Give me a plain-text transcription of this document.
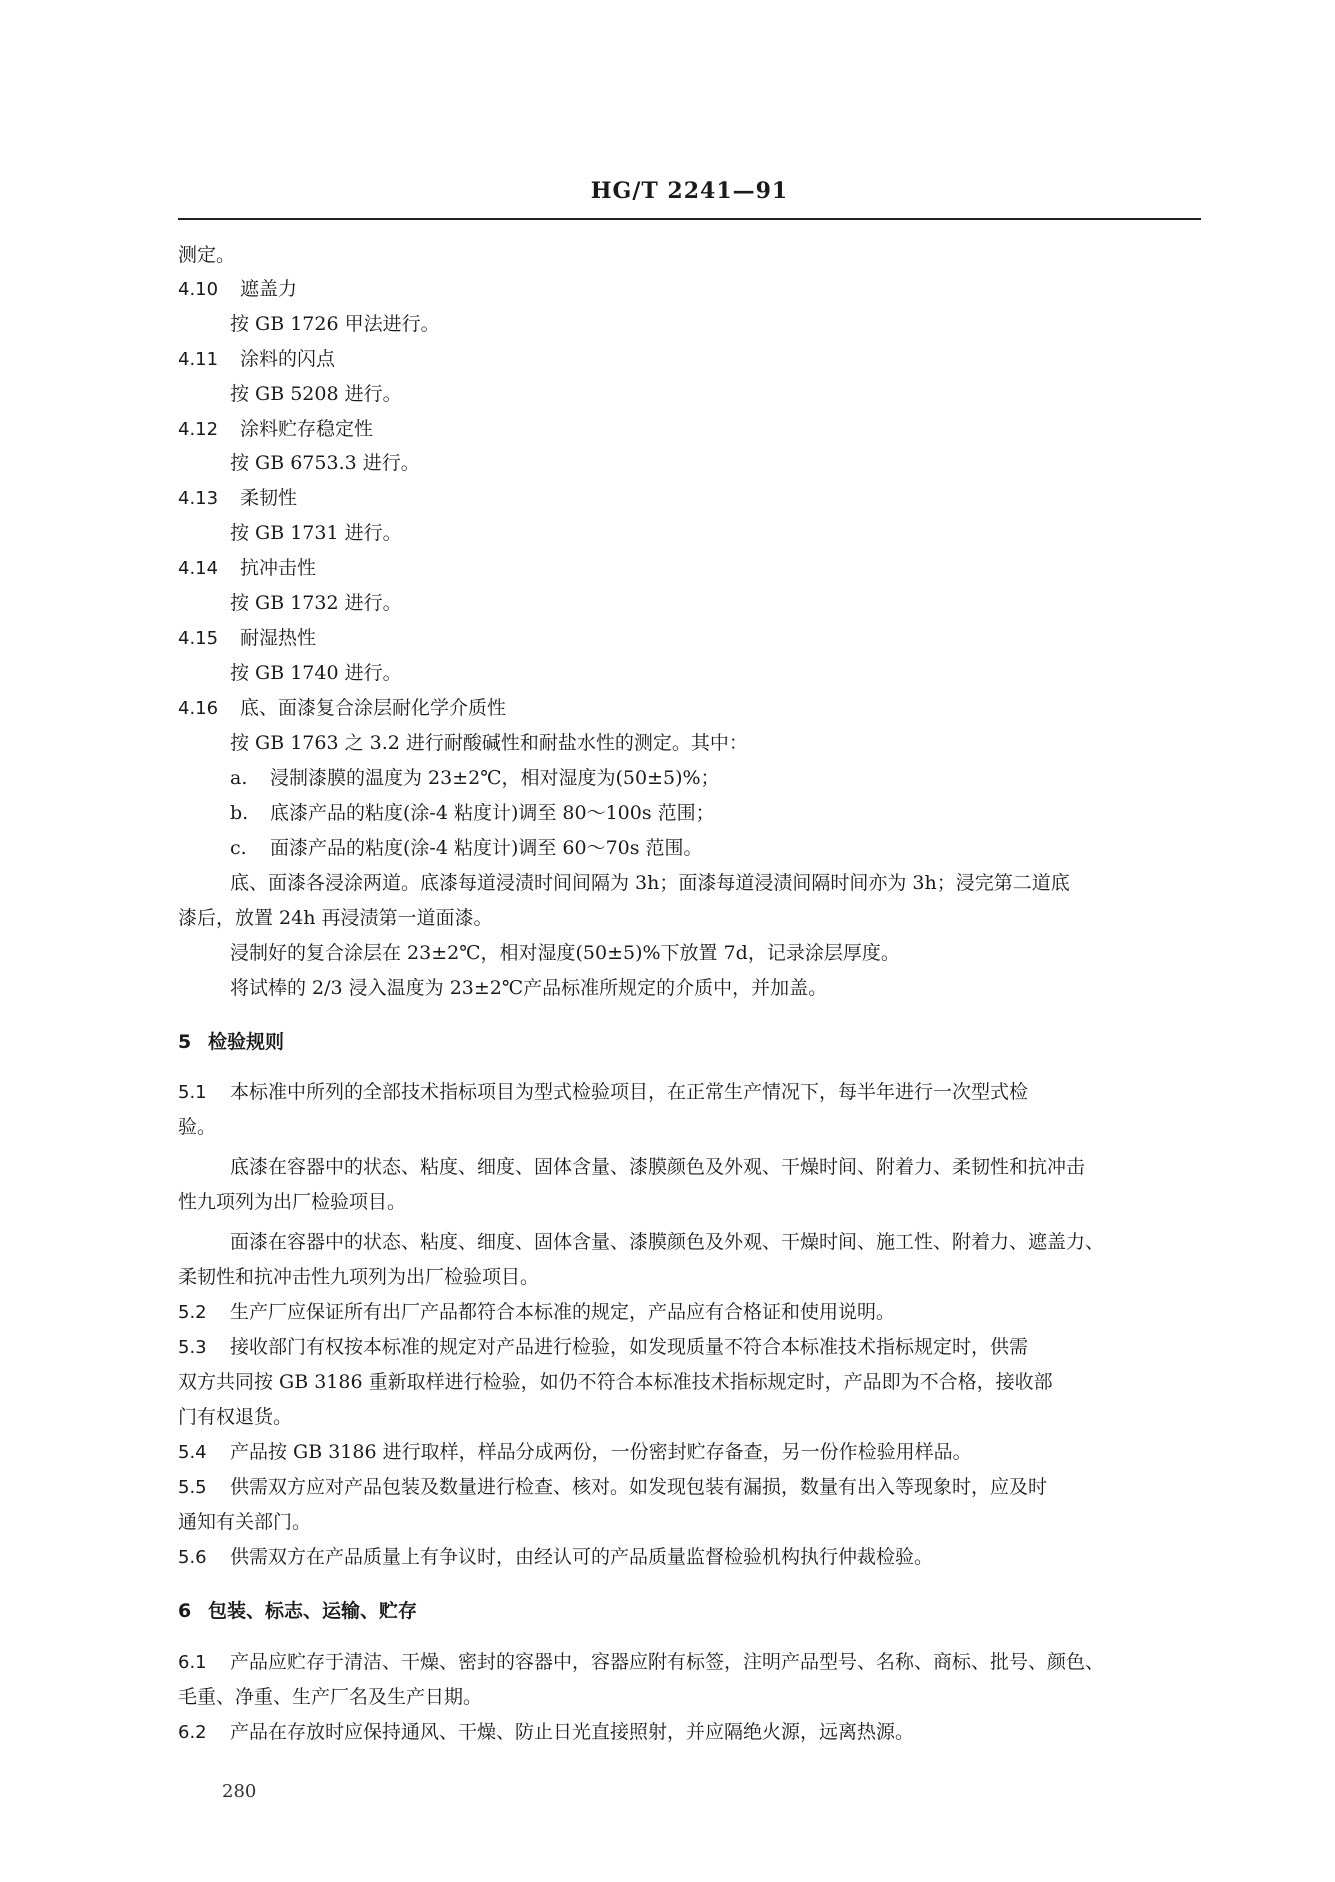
HG/T 2241—91
测定。
4.10 遮盖力
按 GB 1726 甲法进行。
4.11 涂料的闪点
按 GB 5208 进行。
4.12 涂料贮存稳定性
按 GB 6753.3 进行。
4.13 柔韧性
按 GB 1731 进行。
4.14 抗冲击性
按 GB 1732 进行。
4.15 耐湿热性
按 GB 1740 进行。
4.16 底、面漆复合涂层耐化学介质性
按 GB 1763 之 3.2 进行耐酸碱性和耐盐水性的测定。其中：
a. 浸制漆膜的温度为 23±2℃，相对湿度为(50±5)%；
b. 底漆产品的粘度(涂-4 粘度计)调至 80～100s 范围；
c. 面漆产品的粘度(涂-4 粘度计)调至 60～70s 范围。
底、面漆各浸涂两道。底漆每道浸渍时间间隔为 3h；面漆每道浸渍间隔时间亦为 3h；浸完第二道底
漆后，放置 24h 再浸渍第一道面漆。
浸制好的复合涂层在 23±2℃，相对湿度(50±5)%下放置 7d，记录涂层厚度。
将试棒的 2/3 浸入温度为 23±2℃产品标准所规定的介质中，并加盖。
5 检验规则
5.1 本标准中所列的全部技术指标项目为型式检验项目，在正常生产情况下，每半年进行一次型式检
验。
底漆在容器中的状态、粘度、细度、固体含量、漆膜颜色及外观、干燥时间、附着力、柔韧性和抗冲击
性九项列为出厂检验项目。
面漆在容器中的状态、粘度、细度、固体含量、漆膜颜色及外观、干燥时间、施工性、附着力、遮盖力、
柔韧性和抗冲击性九项列为出厂检验项目。
5.2 生产厂应保证所有出厂产品都符合本标准的规定，产品应有合格证和使用说明。
5.3 接收部门有权按本标准的规定对产品进行检验，如发现质量不符合本标准技术指标规定时，供需
双方共同按 GB 3186 重新取样进行检验，如仍不符合本标准技术指标规定时，产品即为不合格，接收部
门有权退货。
5.4 产品按 GB 3186 进行取样，样品分成两份，一份密封贮存备查，另一份作检验用样品。
5.5 供需双方应对产品包装及数量进行检查、核对。如发现包装有漏损，数量有出入等现象时，应及时
通知有关部门。
5.6 供需双方在产品质量上有争议时，由经认可的产品质量监督检验机构执行仲裁检验。
6 包装、标志、运输、贮存
6.1 产品应贮存于清洁、干燥、密封的容器中，容器应附有标签，注明产品型号、名称、商标、批号、颜色、
毛重、净重、生产厂名及生产日期。
6.2 产品在存放时应保持通风、干燥、防止日光直接照射，并应隔绝火源，远离热源。
280
